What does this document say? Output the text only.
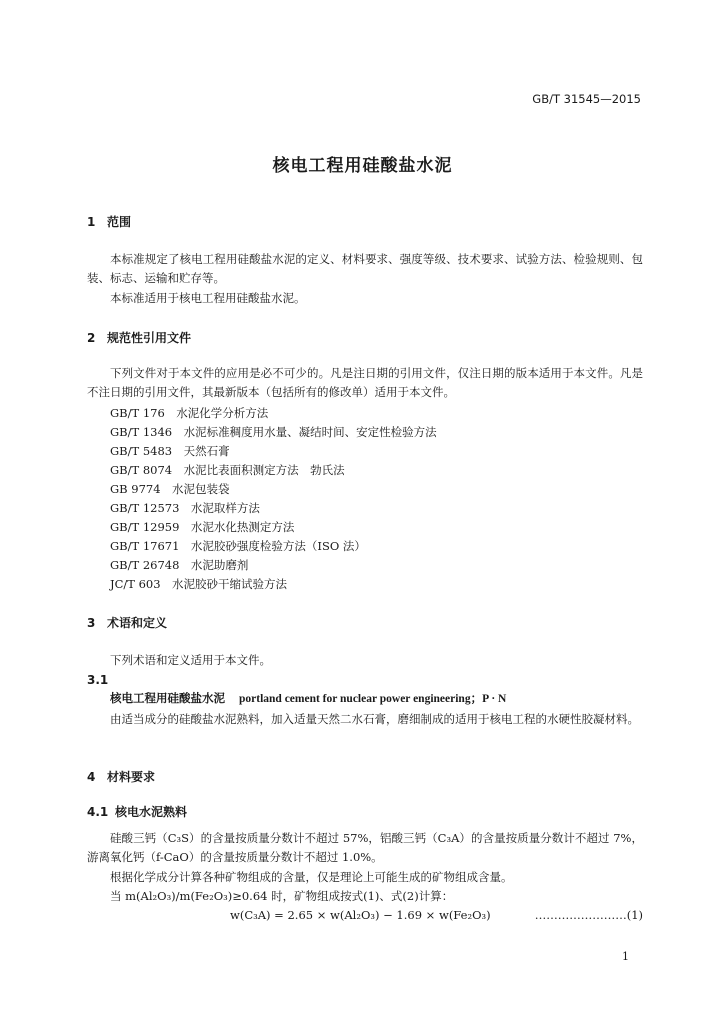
GB/T 31545—2015
核电工程用硅酸盐水泥
1 范围
本标准规定了核电工程用硅酸盐水泥的定义、材料要求、强度等级、技术要求、试验方法、检验规则、包装、标志、运输和贮存等。
本标准适用于核电工程用硅酸盐水泥。
2 规范性引用文件
下列文件对于本文件的应用是必不可少的。凡是注日期的引用文件，仅注日期的版本适用于本文件。凡是不注日期的引用文件，其最新版本（包括所有的修改单）适用于本文件。
GB/T 176　水泥化学分析方法
GB/T 1346　水泥标准稠度用水量、凝结时间、安定性检验方法
GB/T 5483　天然石膏
GB/T 8074　水泥比表面积测定方法　勃氏法
GB 9774　水泥包装袋
GB/T 12573　水泥取样方法
GB/T 12959　水泥水化热测定方法
GB/T 17671　水泥胶砂强度检验方法（ISO 法）
GB/T 26748　水泥助磨剂
JC/T 603　水泥胶砂干缩试验方法
3 术语和定义
下列术语和定义适用于本文件。
3.1
核电工程用硅酸盐水泥 portland cement for nuclear power engineering；P · N
由适当成分的硅酸盐水泥熟料，加入适量天然二水石膏，磨细制成的适用于核电工程的水硬性胶凝材料。
4 材料要求
4.1 核电水泥熟料
硅酸三钙（C₃S）的含量按质量分数计不超过 57%，铝酸三钙（C₃A）的含量按质量分数计不超过 7%，游离氧化钙（f-CaO）的含量按质量分数计不超过 1.0%。
根据化学成分计算各种矿物组成的含量，仅是理论上可能生成的矿物组成含量。
当 m(Al₂O₃)/m(Fe₂O₃)≥0.64 时，矿物组成按式(1)、式(2)计算：
w(C₃A) = 2.65 × w(Al₂O₃) − 1.69 × w(Fe₂O₃)	……………………(1)
1
